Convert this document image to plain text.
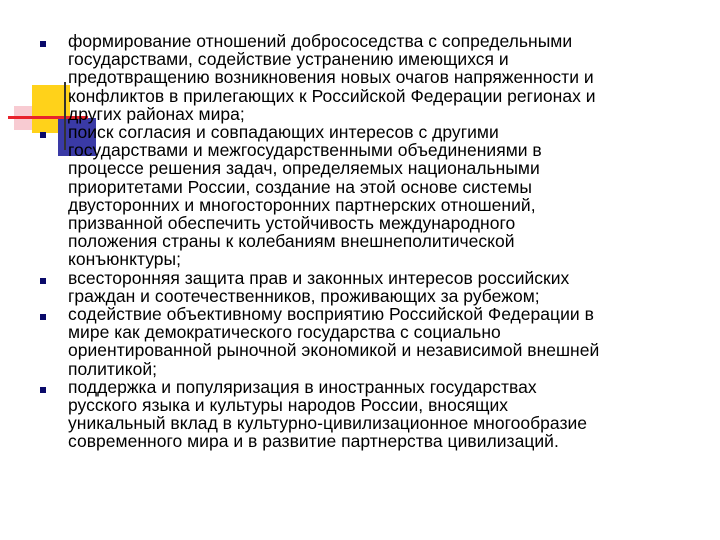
формирование отношений добрососедства с сопредельными
государствами, содействие устранению имеющихся и
предотвращению возникновения новых очагов напряженности и
конфликтов в прилегающих к Российской Федерации регионах и
других районах мира;
поиск согласия и совпадающих интересов с другими
государствами и межгосударственными объединениями в
процессе решения задач, определяемых национальными
приоритетами России, создание на этой основе системы
двусторонних и многосторонних партнерских отношений,
призванной обеспечить устойчивость международного
положения страны к колебаниям внешнеполитической
конъюнктуры;
всесторонняя защита прав и законных интересов российских
граждан и соотечественников, проживающих за рубежом;
содействие объективному восприятию Российской Федерации в
мире как демократического государства с социально
ориентированной рыночной экономикой и независимой внешней
политикой;
поддержка и популяризация в иностранных государствах
русского языка и культуры народов России, вносящих
уникальный вклад в культурно-цивилизационное многообразие
современного мира и в развитие партнерства цивилизаций.
